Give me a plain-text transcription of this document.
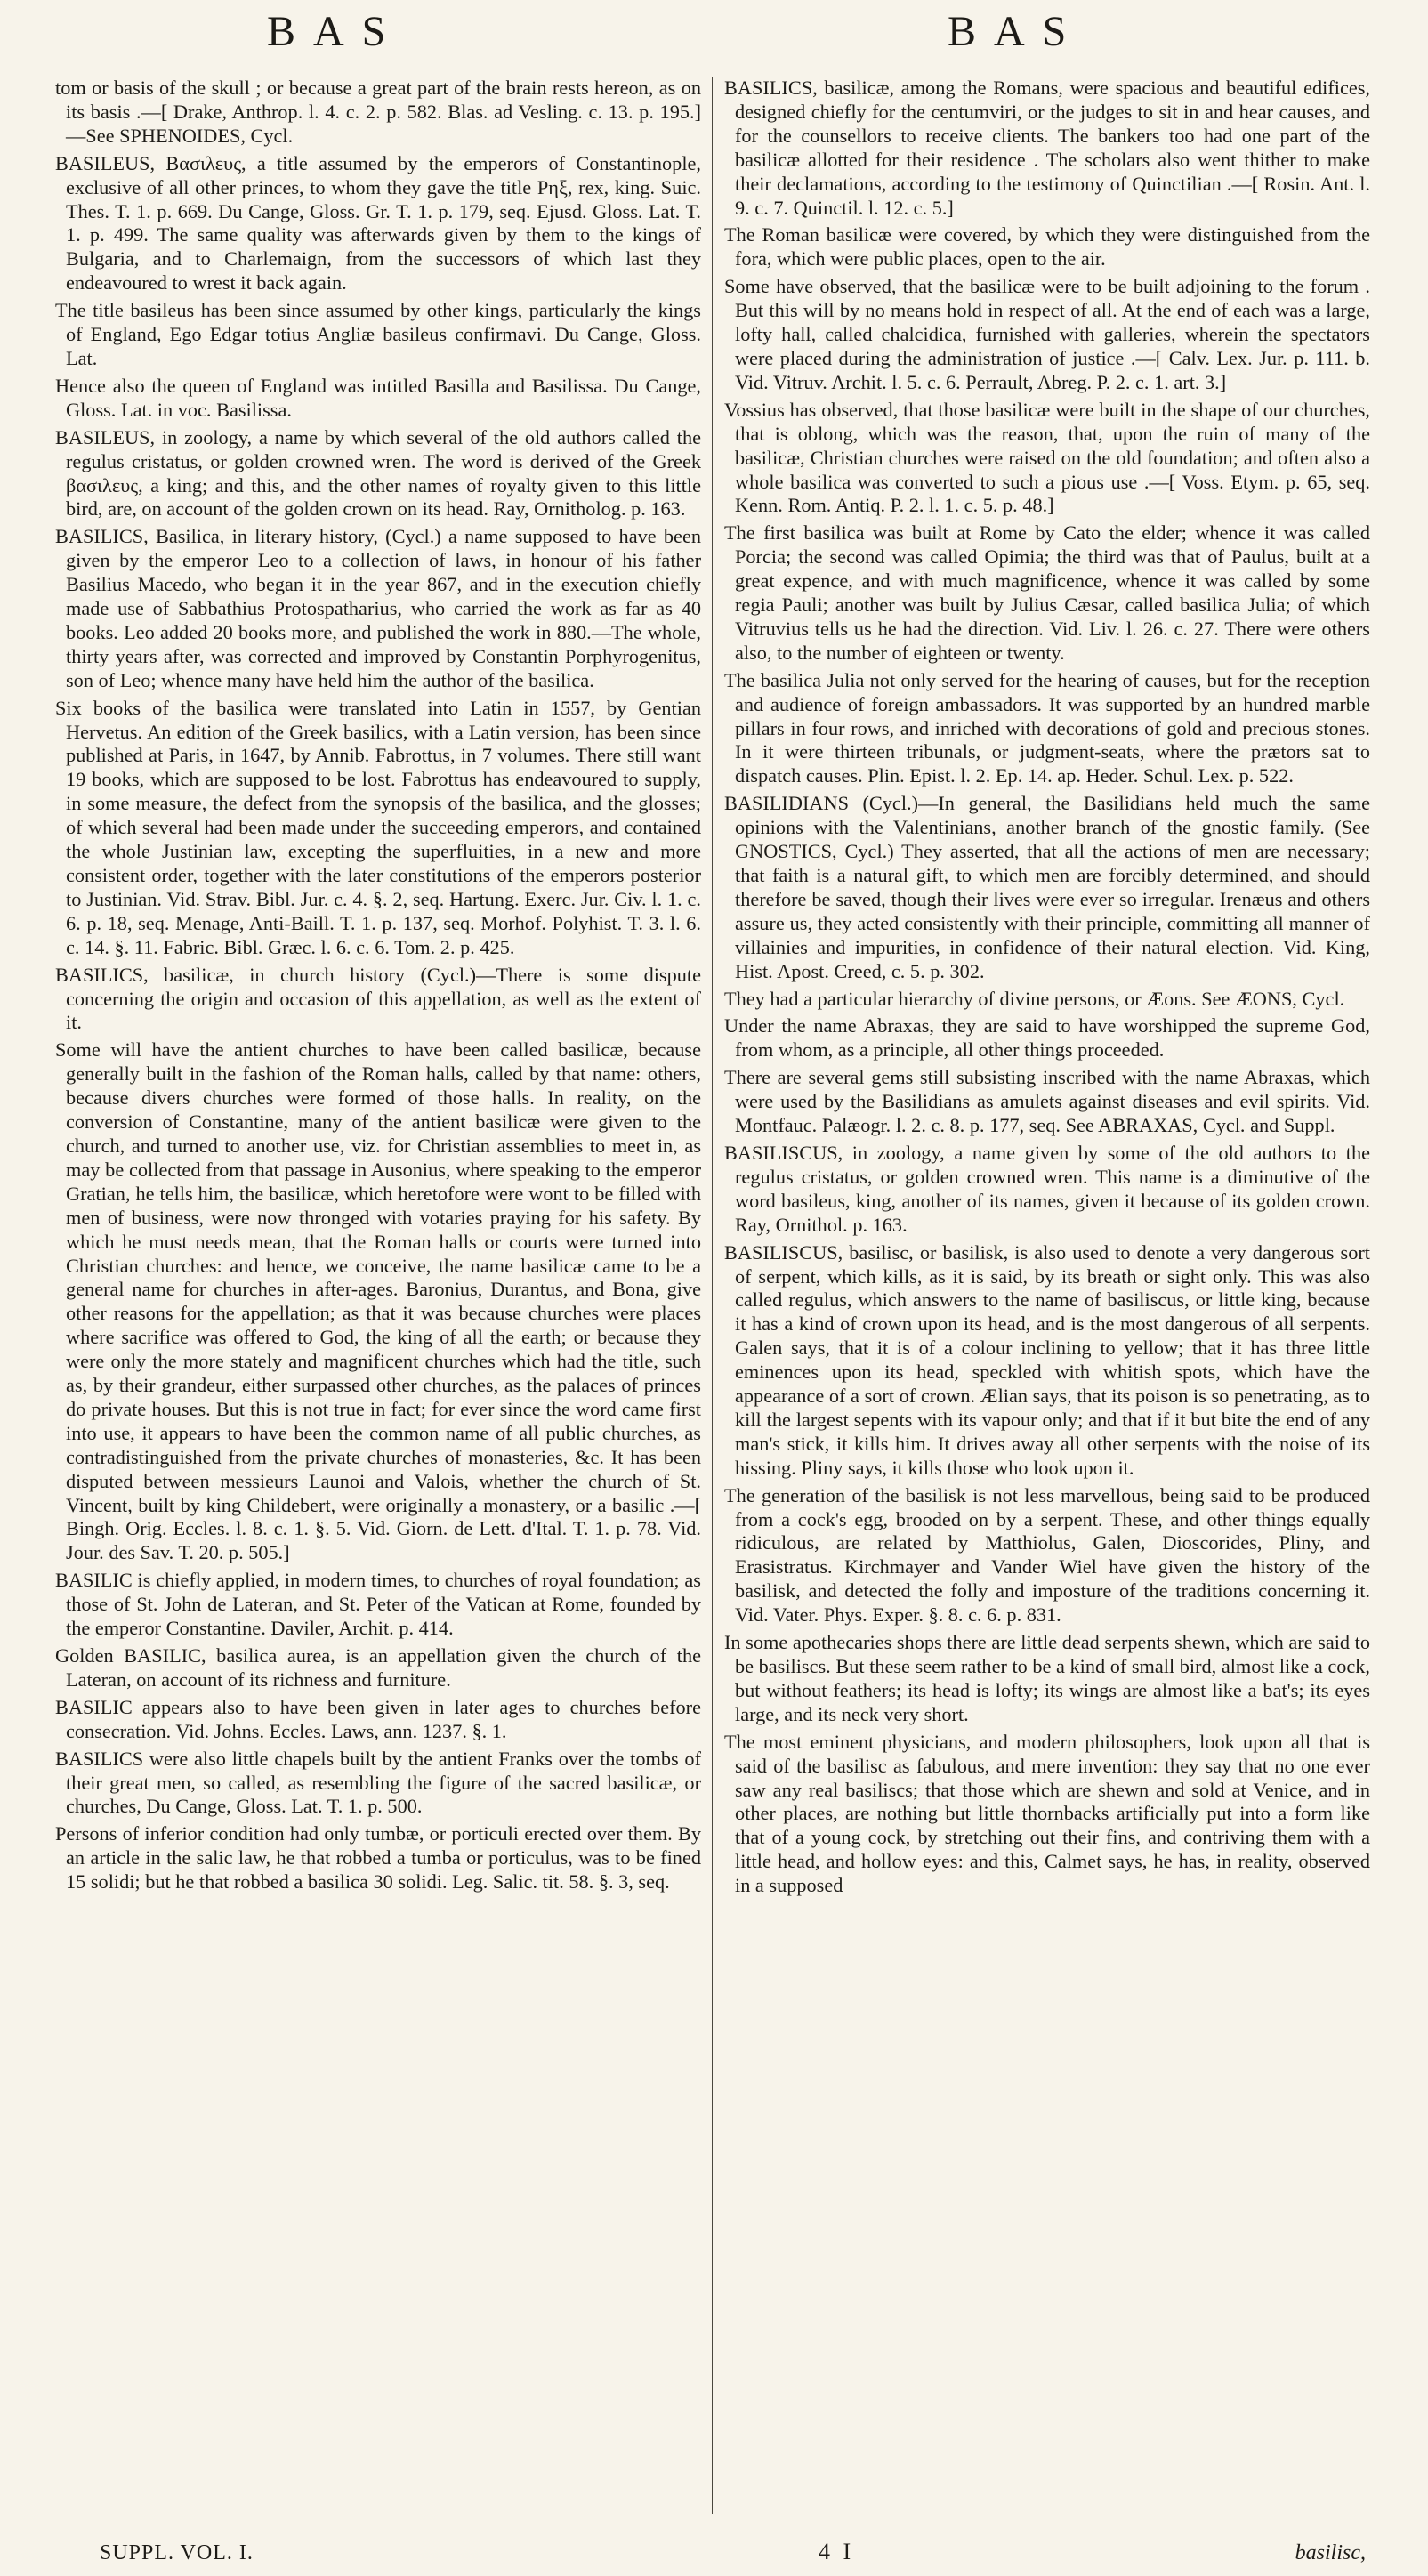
BAS	BAS

tom or basis of the skull ; or because a great part of the brain rests hereon, as on its basis .—[ Drake, Anthrop. l. 4. c. 2. p. 582. Blas. ad Vesling. c. 13. p. 195.]—See SPHENOIDES, Cycl.

BASILEUS, Βασιλευς, a title assumed by the emperors of Constantinople, exclusive of all other princes, to whom they gave the title Ρηξ, rex, king. Suic. Thes. T. 1. p. 669. Du Cange, Gloss. Gr. T. 1. p. 179, seq. Ejusd. Gloss. Lat. T. 1. p. 499. The same quality was afterwards given by them to the kings of Bulgaria, and to Charlemaign, from the successors of which last they endeavoured to wrest it back again.

The title basileus has been since assumed by other kings, particularly the kings of England, Ego Edgar totius Angliæ basileus confirmavi. Du Cange, Gloss. Lat.

Hence also the queen of England was intitled Basilla and Basilissa. Du Cange, Gloss. Lat. in voc. Basilissa.

BASILEUS, in zoology, a name by which several of the old authors called the regulus cristatus, or golden crowned wren. The word is derived of the Greek βασιλευς, a king; and this, and the other names of royalty given to this little bird, are, on account of the golden crown on its head. Ray, Ornitholog. p. 163.

BASILICS, Basilica, in literary history, (Cycl.) a name supposed to have been given by the emperor Leo to a collection of laws, in honour of his father Basilius Macedo, who began it in the year 867, and in the execution chiefly made use of Sabbathius Protospatharius, who carried the work as far as 40 books. Leo added 20 books more, and published the work in 880.—The whole, thirty years after, was corrected and improved by Constantin Porphyrogenitus, son of Leo; whence many have held him the author of the basilica.

Six books of the basilica were translated into Latin in 1557, by Gentian Hervetus. An edition of the Greek basilics, with a Latin version, has been since published at Paris, in 1647, by Annib. Fabrottus, in 7 volumes. There still want 19 books, which are supposed to be lost. Fabrottus has endeavoured to supply, in some measure, the defect from the synopsis of the basilica, and the glosses; of which several had been made under the succeeding emperors, and contained the whole Justinian law, excepting the superfluities, in a new and more consistent order, together with the later constitutions of the emperors posterior to Justinian. Vid. Strav. Bibl. Jur. c. 4. §. 2, seq. Hartung. Exerc. Jur. Civ. l. 1. c. 6. p. 18, seq. Menage, Anti-Baill. T. 1. p. 137, seq. Morhof. Polyhist. T. 3. l. 6. c. 14. §. 11. Fabric. Bibl. Græc. l. 6. c. 6. Tom. 2. p. 425.

BASILICS, basilicæ, in church history (Cycl.)—There is some dispute concerning the origin and occasion of this appellation, as well as the extent of it.

Some will have the antient churches to have been called basilicæ, because generally built in the fashion of the Roman halls, called by that name: others, because divers churches were formed of those halls. In reality, on the conversion of Constantine, many of the antient basilicæ were given to the church, and turned to another use, viz. for Christian assemblies to meet in, as may be collected from that passage in Ausonius, where speaking to the emperor Gratian, he tells him, the basilicæ, which heretofore were wont to be filled with men of business, were now thronged with votaries praying for his safety. By which he must needs mean, that the Roman halls or courts were turned into Christian churches: and hence, we conceive, the name basilicæ came to be a general name for churches in after-ages. Baronius, Durantus, and Bona, give other reasons for the appellation; as that it was because churches were places where sacrifice was offered to God, the king of all the earth; or because they were only the more stately and magnificent churches which had the title, such as, by their grandeur, either surpassed other churches, as the palaces of princes do private houses. But this is not true in fact; for ever since the word came first into use, it appears to have been the common name of all public churches, as contradistinguished from the private churches of monasteries, &c. It has been disputed between messieurs Launoi and Valois, whether the church of St. Vincent, built by king Childebert, were originally a monastery, or a basilic .—[ Bingh. Orig. Eccles. l. 8. c. 1. §. 5. Vid. Giorn. de Lett. d'Ital. T. 1. p. 78. Vid. Jour. des Sav. T. 20. p. 505.]

BASILIC is chiefly applied, in modern times, to churches of royal foundation; as those of St. John de Lateran, and St. Peter of the Vatican at Rome, founded by the emperor Constantine. Daviler, Archit. p. 414.

Golden BASILIC, basilica aurea, is an appellation given the church of the Lateran, on account of its richness and furniture.

BASILIC appears also to have been given in later ages to churches before consecration. Vid. Johns. Eccles. Laws, ann. 1237. §. 1.

BASILICS were also little chapels built by the antient Franks over the tombs of their great men, so called, as resembling the figure of the sacred basilicæ, or churches, Du Cange, Gloss. Lat. T. 1. p. 500.

Persons of inferior condition had only tumbæ, or porticuli erected over them. By an article in the salic law, he that robbed a tumba or porticulus, was to be fined 15 solidi; but he that robbed a basilica 30 solidi. Leg. Salic. tit. 58. §. 3, seq.

BASILICS, basilicæ, among the Romans, were spacious and beautiful edifices, designed chiefly for the centumviri, or the judges to sit in and hear causes, and for the counsellors to receive clients. The bankers too had one part of the basilicæ allotted for their residence . The scholars also went thither to make their declamations, according to the testimony of Quinctilian .—[ Rosin. Ant. l. 9. c. 7. Quinctil. l. 12. c. 5.]

The Roman basilicæ were covered, by which they were distinguished from the fora, which were public places, open to the air.

Some have observed, that the basilicæ were to be built adjoining to the forum . But this will by no means hold in respect of all. At the end of each was a large, lofty hall, called chalcidica, furnished with galleries, wherein the spectators were placed during the administration of justice .—[ Calv. Lex. Jur. p. 111. b. Vid. Vitruv. Archit. l. 5. c. 6. Perrault, Abreg. P. 2. c. 1. art. 3.]

Vossius has observed, that those basilicæ were built in the shape of our churches, that is oblong, which was the reason, that, upon the ruin of many of the basilicæ, Christian churches were raised on the old foundation; and often also a whole basilica was converted to such a pious use .—[ Voss. Etym. p. 65, seq. Kenn. Rom. Antiq. P. 2. l. 1. c. 5. p. 48.]

The first basilica was built at Rome by Cato the elder; whence it was called Porcia; the second was called Opimia; the third was that of Paulus, built at a great expence, and with much magnificence, whence it was called by some regia Pauli; another was built by Julius Cæsar, called basilica Julia; of which Vitruvius tells us he had the direction. Vid. Liv. l. 26. c. 27. There were others also, to the number of eighteen or twenty.

The basilica Julia not only served for the hearing of causes, but for the reception and audience of foreign ambassadors. It was supported by an hundred marble pillars in four rows, and inriched with decorations of gold and precious stones. In it were thirteen tribunals, or judgment-seats, where the prætors sat to dispatch causes. Plin. Epist. l. 2. Ep. 14. ap. Heder. Schul. Lex. p. 522.

BASILIDIANS (Cycl.)—In general, the Basilidians held much the same opinions with the Valentinians, another branch of the gnostic family. (See GNOSTICS, Cycl.) They asserted, that all the actions of men are necessary; that faith is a natural gift, to which men are forcibly determined, and should therefore be saved, though their lives were ever so irregular. Irenæus and others assure us, they acted consistently with their principle, committing all manner of villainies and impurities, in confidence of their natural election. Vid. King, Hist. Apost. Creed, c. 5. p. 302.

They had a particular hierarchy of divine persons, or Æons. See ÆONS, Cycl.

Under the name Abraxas, they are said to have worshipped the supreme God, from whom, as a principle, all other things proceeded.

There are several gems still subsisting inscribed with the name Abraxas, which were used by the Basilidians as amulets against diseases and evil spirits. Vid. Montfauc. Palæogr. l. 2. c. 8. p. 177, seq. See ABRAXAS, Cycl. and Suppl.

BASILISCUS, in zoology, a name given by some of the old authors to the regulus cristatus, or golden crowned wren. This name is a diminutive of the word basileus, king, another of its names, given it because of its golden crown. Ray, Ornithol. p. 163.

BASILISCUS, basilisc, or basilisk, is also used to denote a very dangerous sort of serpent, which kills, as it is said, by its breath or sight only. This was also called regulus, which answers to the name of basiliscus, or little king, because it has a kind of crown upon its head, and is the most dangerous of all serpents. Galen says, that it is of a colour inclining to yellow; that it has three little eminences upon its head, speckled with whitish spots, which have the appearance of a sort of crown. Ælian says, that its poison is so penetrating, as to kill the largest sepents with its vapour only; and that if it but bite the end of any man's stick, it kills him. It drives away all other serpents with the noise of its hissing. Pliny says, it kills those who look upon it.

The generation of the basilisk is not less marvellous, being said to be produced from a cock's egg, brooded on by a serpent. These, and other things equally ridiculous, are related by Matthiolus, Galen, Dioscorides, Pliny, and Erasistratus. Kirchmayer and Vander Wiel have given the history of the basilisk, and detected the folly and imposture of the traditions concerning it. Vid. Vater. Phys. Exper. §. 8. c. 6. p. 831.

In some apothecaries shops there are little dead serpents shewn, which are said to be basiliscs. But these seem rather to be a kind of small bird, almost like a cock, but without feathers; its head is lofty; its wings are almost like a bat's; its eyes large, and its neck very short.

The most eminent physicians, and modern philosophers, look upon all that is said of the basilisc as fabulous, and mere invention: they say that no one ever saw any real basiliscs; that those which are shewn and sold at Venice, and in other places, are nothing but little thornbacks artificially put into a form like that of a young cock, by stretching out their fins, and contriving them with a little head, and hollow eyes: and this, Calmet says, he has, in reality, observed in a supposed

SUPPL. VOL. I.	4 I	basilisc,
